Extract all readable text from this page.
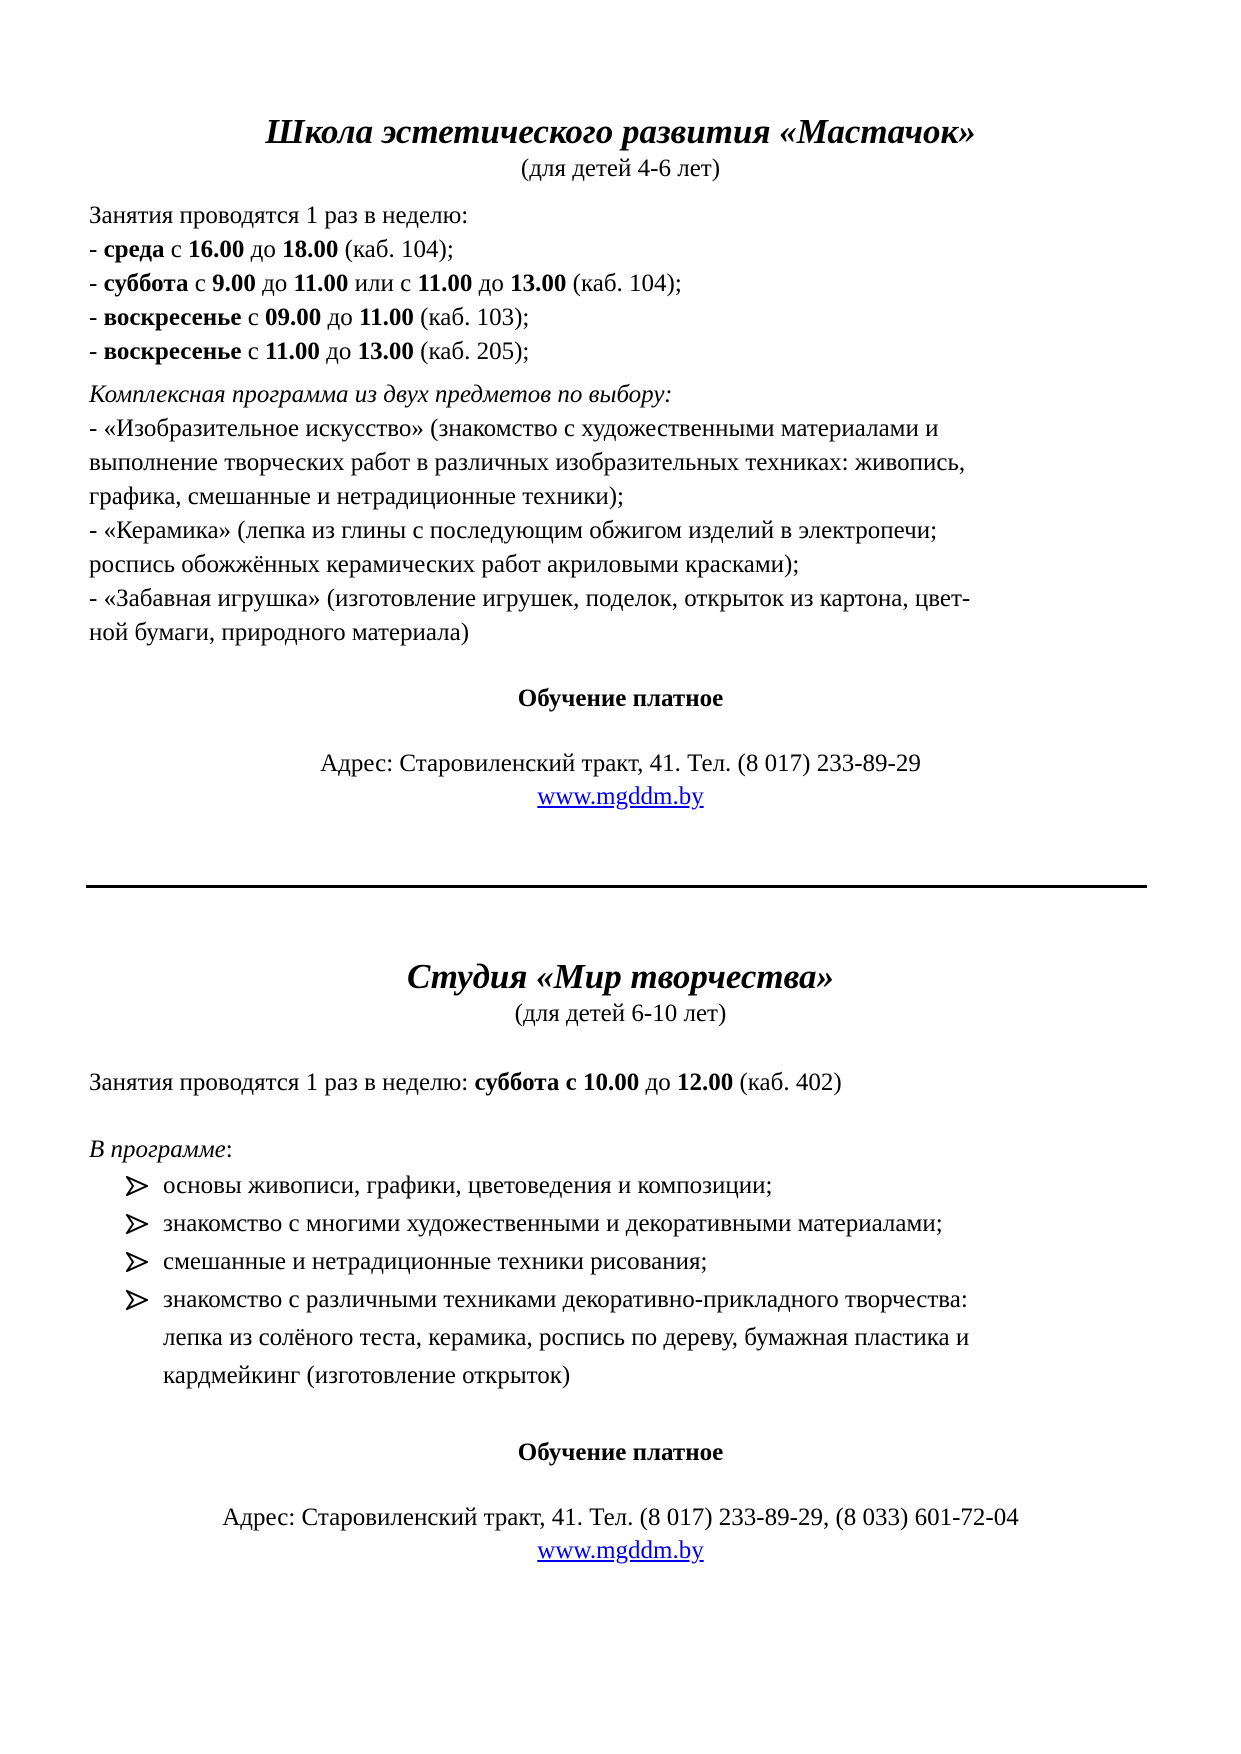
Школа эстетического развития «Мастачок»
(для детей 4-6 лет)
Занятия проводятся 1 раз в неделю:
- среда с 16.00 до 18.00 (каб. 104);
- суббота с 9.00 до 11.00 или с 11.00 до 13.00 (каб. 104);
- воскресенье с 09.00 до 11.00 (каб. 103);
- воскресенье с 11.00 до 13.00 (каб. 205);
Комплексная программа из двух предметов по выбору:
- «Изобразительное искусство» (знакомство с художественными материалами и
выполнение творческих работ в различных изобразительных техниках: живопись,
графика, смешанные и нетрадиционные техники);
- «Керамика» (лепка из глины с последующим обжигом изделий в электропечи;
роспись обожжённых керамических работ акриловыми красками);
- «Забавная игрушка» (изготовление игрушек, поделок, открыток из картона, цвет-
ной бумаги, природного материала)
Обучение платное
Адрес: Старовиленский тракт, 41. Тел. (8 017) 233-89-29
www.mgddm.by
Студия «Мир творчества»
(для детей 6-10 лет)
Занятия проводятся 1 раз в неделю: суббота с 10.00 до 12.00 (каб. 402)
В программе:
основы живописи, графики, цветоведения и композиции;
знакомство с многими художественными и декоративными материалами;
смешанные и нетрадиционные техники рисования;
знакомство с различными техниками декоративно-прикладного творчества:
лепка из солёного теста, керамика, роспись по дереву, бумажная пластика и
кардмейкинг (изготовление открыток)
Обучение платное
Адрес: Старовиленский тракт, 41. Тел. (8 017) 233-89-29, (8 033) 601-72-04
www.mgddm.by
